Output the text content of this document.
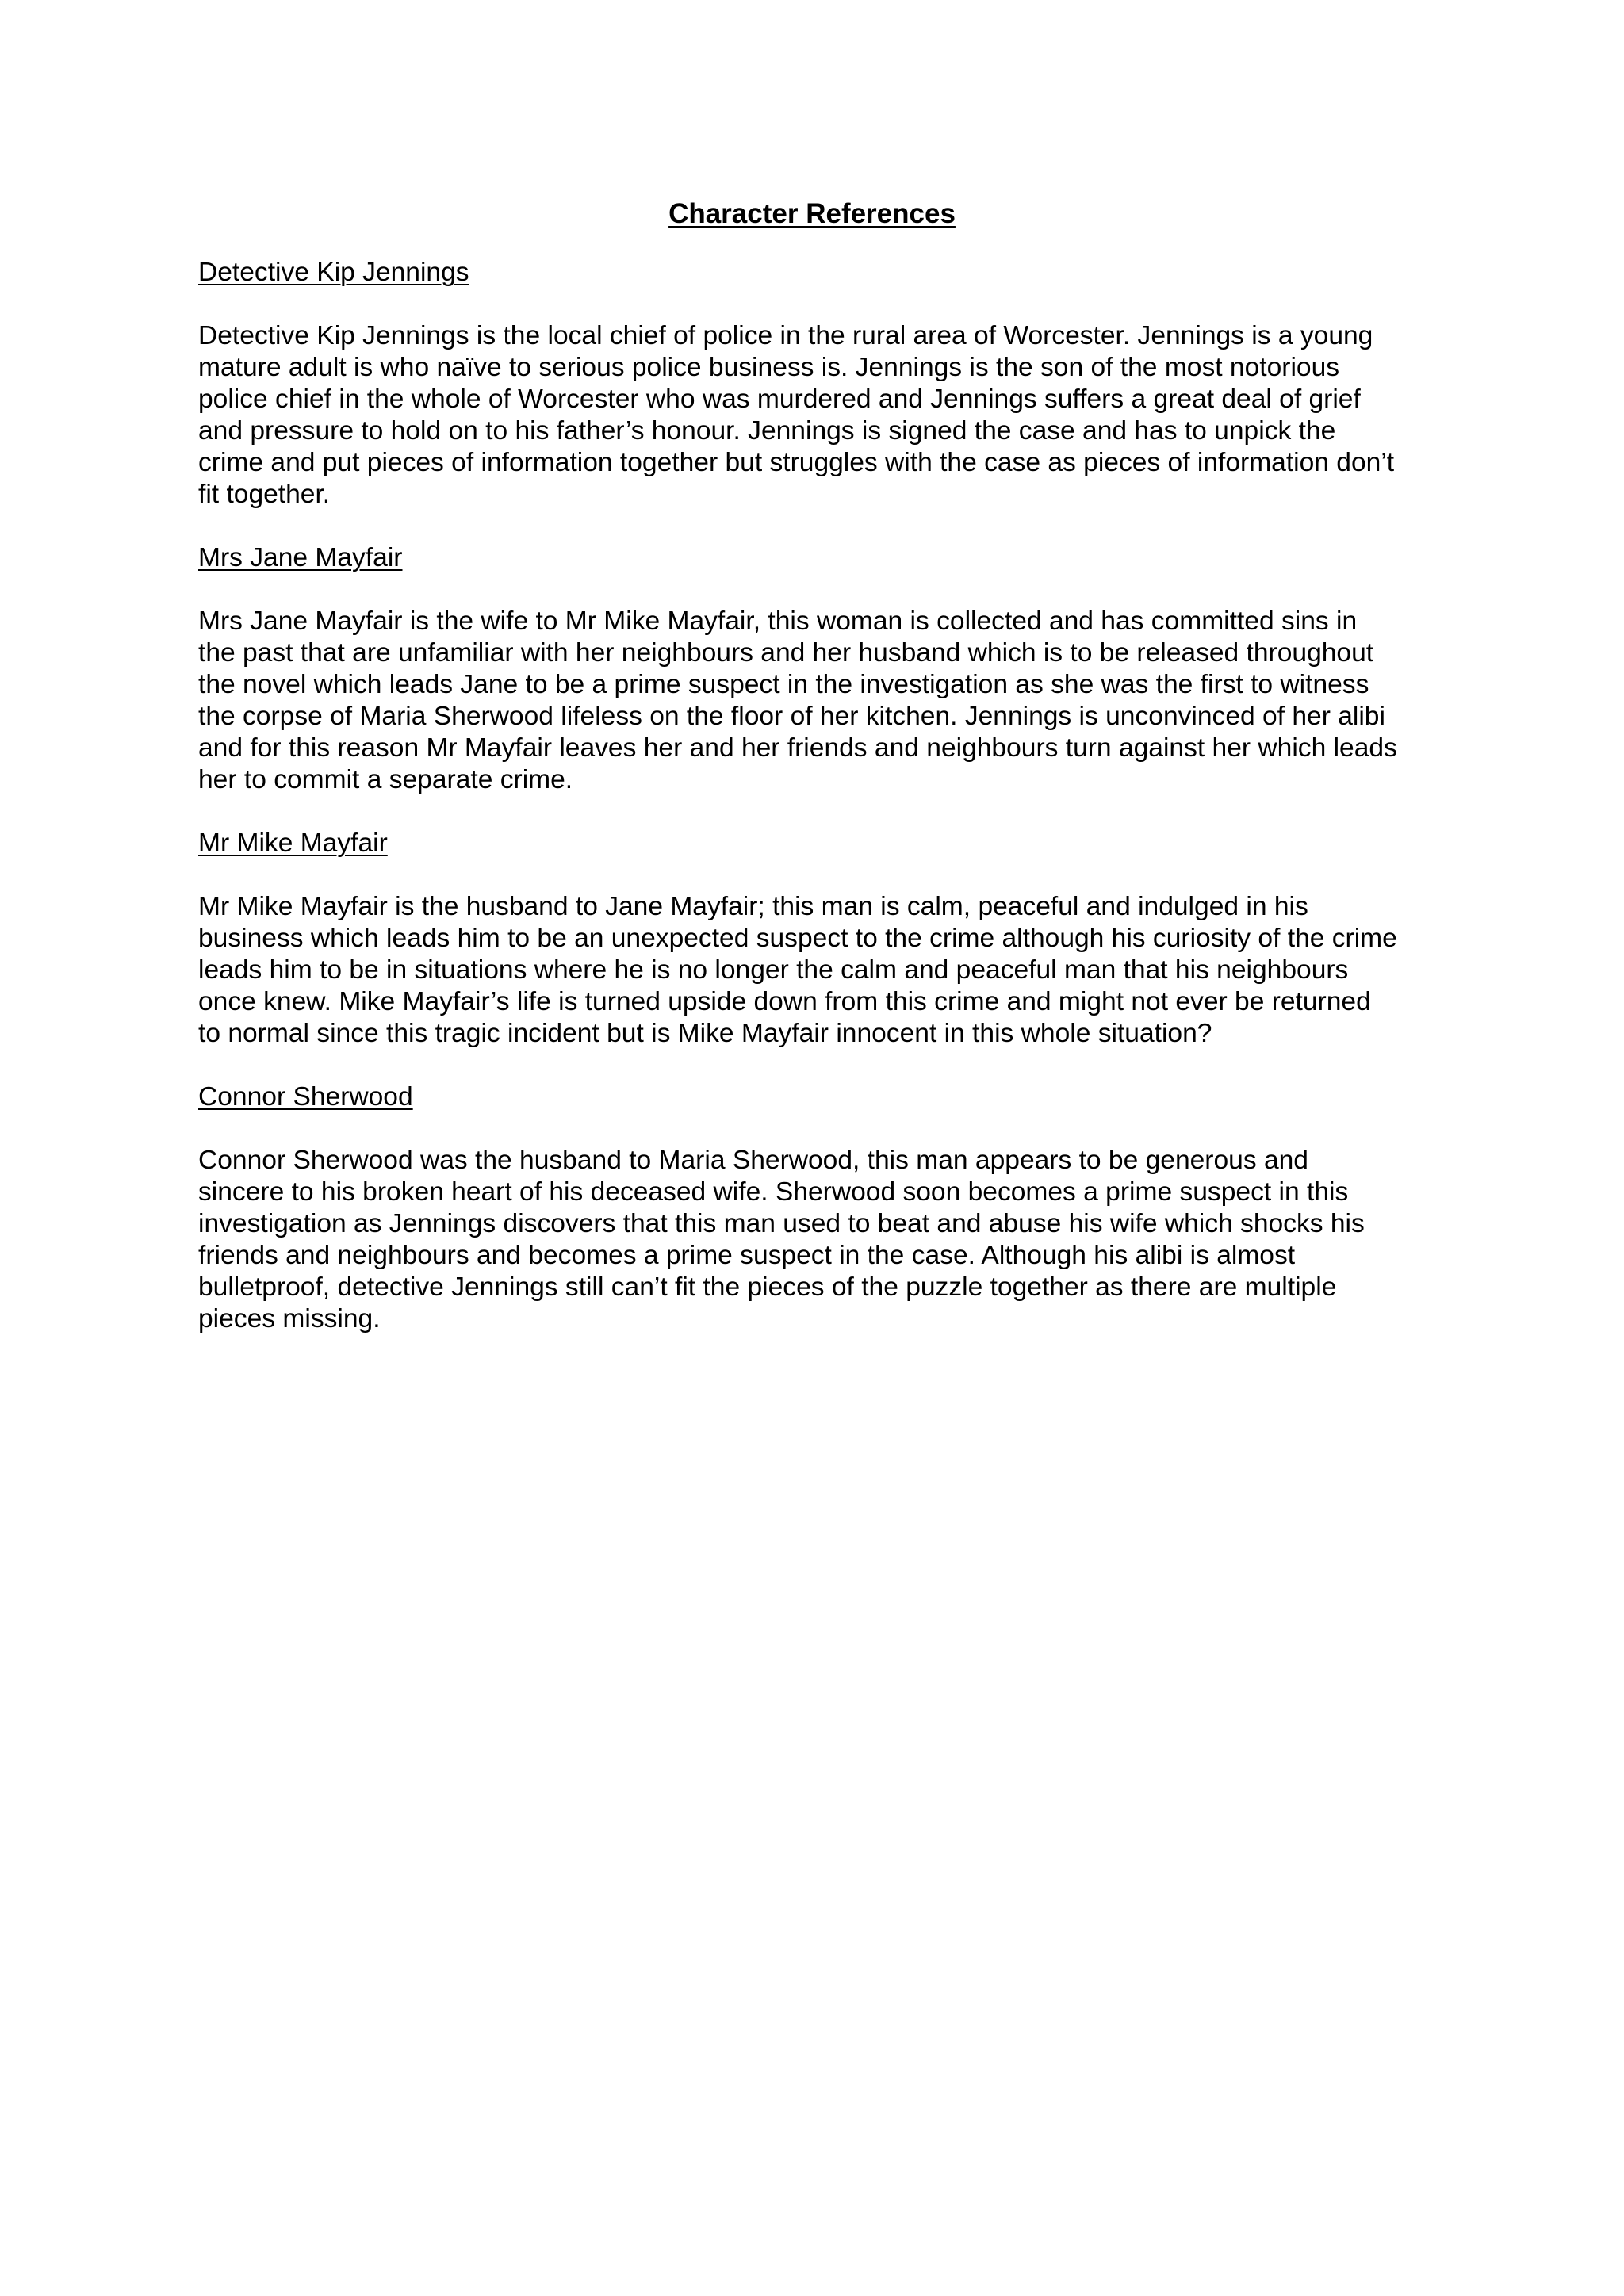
Character References
Detective Kip Jennings
Detective Kip Jennings is the local chief of police in the rural area of Worcester. Jennings is a young
mature adult is who naïve to serious police business is. Jennings is the son of the most notorious
police chief in the whole of Worcester who was murdered and Jennings suffers a great deal of grief
and pressure to hold on to his father’s honour. Jennings is signed the case and has to unpick the
crime and put pieces of information together but struggles with the case as pieces of information don’t
fit together.
Mrs Jane Mayfair
Mrs Jane Mayfair is the wife to Mr Mike Mayfair, this woman is collected and has committed sins in
the past that are unfamiliar with her neighbours and her husband which is to be released throughout
the novel which leads Jane to be a prime suspect in the investigation as she was the first to witness
the corpse of Maria Sherwood lifeless on the floor of her kitchen. Jennings is unconvinced of her alibi
and for this reason Mr Mayfair leaves her and her friends and neighbours turn against her which leads
her to commit a separate crime.
Mr Mike Mayfair
Mr Mike Mayfair is the husband to Jane Mayfair; this man is calm, peaceful and indulged in his
business which leads him to be an unexpected suspect to the crime although his curiosity of the crime
leads him to be in situations where he is no longer the calm and peaceful man that his neighbours
once knew. Mike Mayfair’s life is turned upside down from this crime and might not ever be returned
to normal since this tragic incident but is Mike Mayfair innocent in this whole situation?
Connor Sherwood
Connor Sherwood was the husband to Maria Sherwood, this man appears to be generous and
sincere to his broken heart of his deceased wife. Sherwood soon becomes a prime suspect in this
investigation as Jennings discovers that this man used to beat and abuse his wife which shocks his
friends and neighbours and becomes a prime suspect in the case. Although his alibi is almost
bulletproof, detective Jennings still can’t fit the pieces of the puzzle together as there are multiple
pieces missing.
